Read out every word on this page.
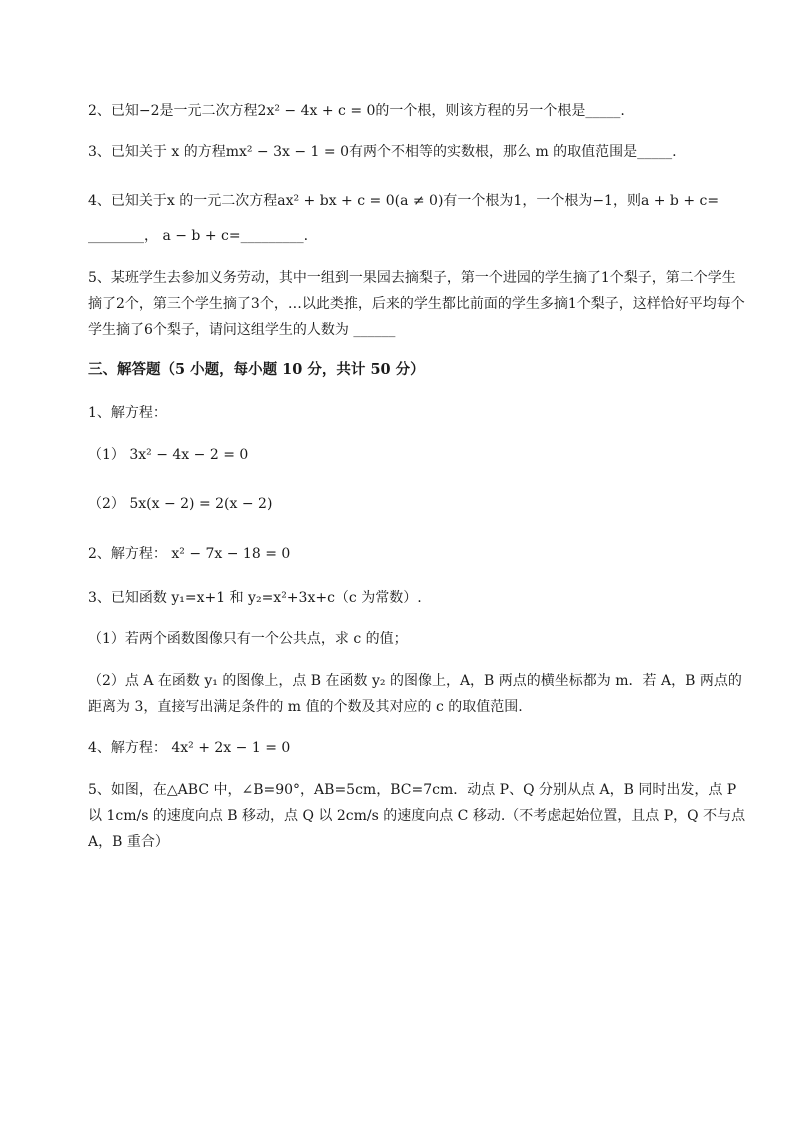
2、已知−2是一元二次方程2x² − 4x + c = 0的一个根，则该方程的另一个根是_____.
3、已知关于 x 的方程mx² − 3x − 1 = 0有两个不相等的实数根，那么 m 的取值范围是_____.
4、已知关于x 的一元二次方程ax² + bx + c = 0(a ≠ 0)有一个根为1，一个根为−1，则a + b + c=
________， a − b + c=_________.
5、某班学生去参加义务劳动，其中一组到一果园去摘梨子，第一个进园的学生摘了1个梨子，第二个学生摘了2个，第三个学生摘了3个，…以此类推，后来的学生都比前面的学生多摘1个梨子，这样恰好平均每个学生摘了6个梨子，请问这组学生的人数为 ______
三、解答题（5 小题，每小题 10 分，共计 50 分）
1、解方程：
（1） 3x² − 4x − 2 = 0
（2） 5x(x − 2) = 2(x − 2)
2、解方程： x² − 7x − 18 = 0
3、已知函数 y₁=x+1 和 y₂=x²+3x+c（c 为常数）.
（1）若两个函数图像只有一个公共点，求 c 的值；
（2）点 A 在函数 y₁ 的图像上，点 B 在函数 y₂ 的图像上，A，B 两点的横坐标都为 m．若 A，B 两点的距离为 3，直接写出满足条件的 m 值的个数及其对应的 c 的取值范围.
4、解方程： 4x² + 2x − 1 = 0
5、如图，在△ABC 中，∠B=90°，AB=5cm，BC=7cm．动点 P、Q 分别从点 A，B 同时出发，点 P 以 1cm/s 的速度向点 B 移动，点 Q 以 2cm/s 的速度向点 C 移动.（不考虑起始位置，且点 P，Q 不与点 A，B 重合）
